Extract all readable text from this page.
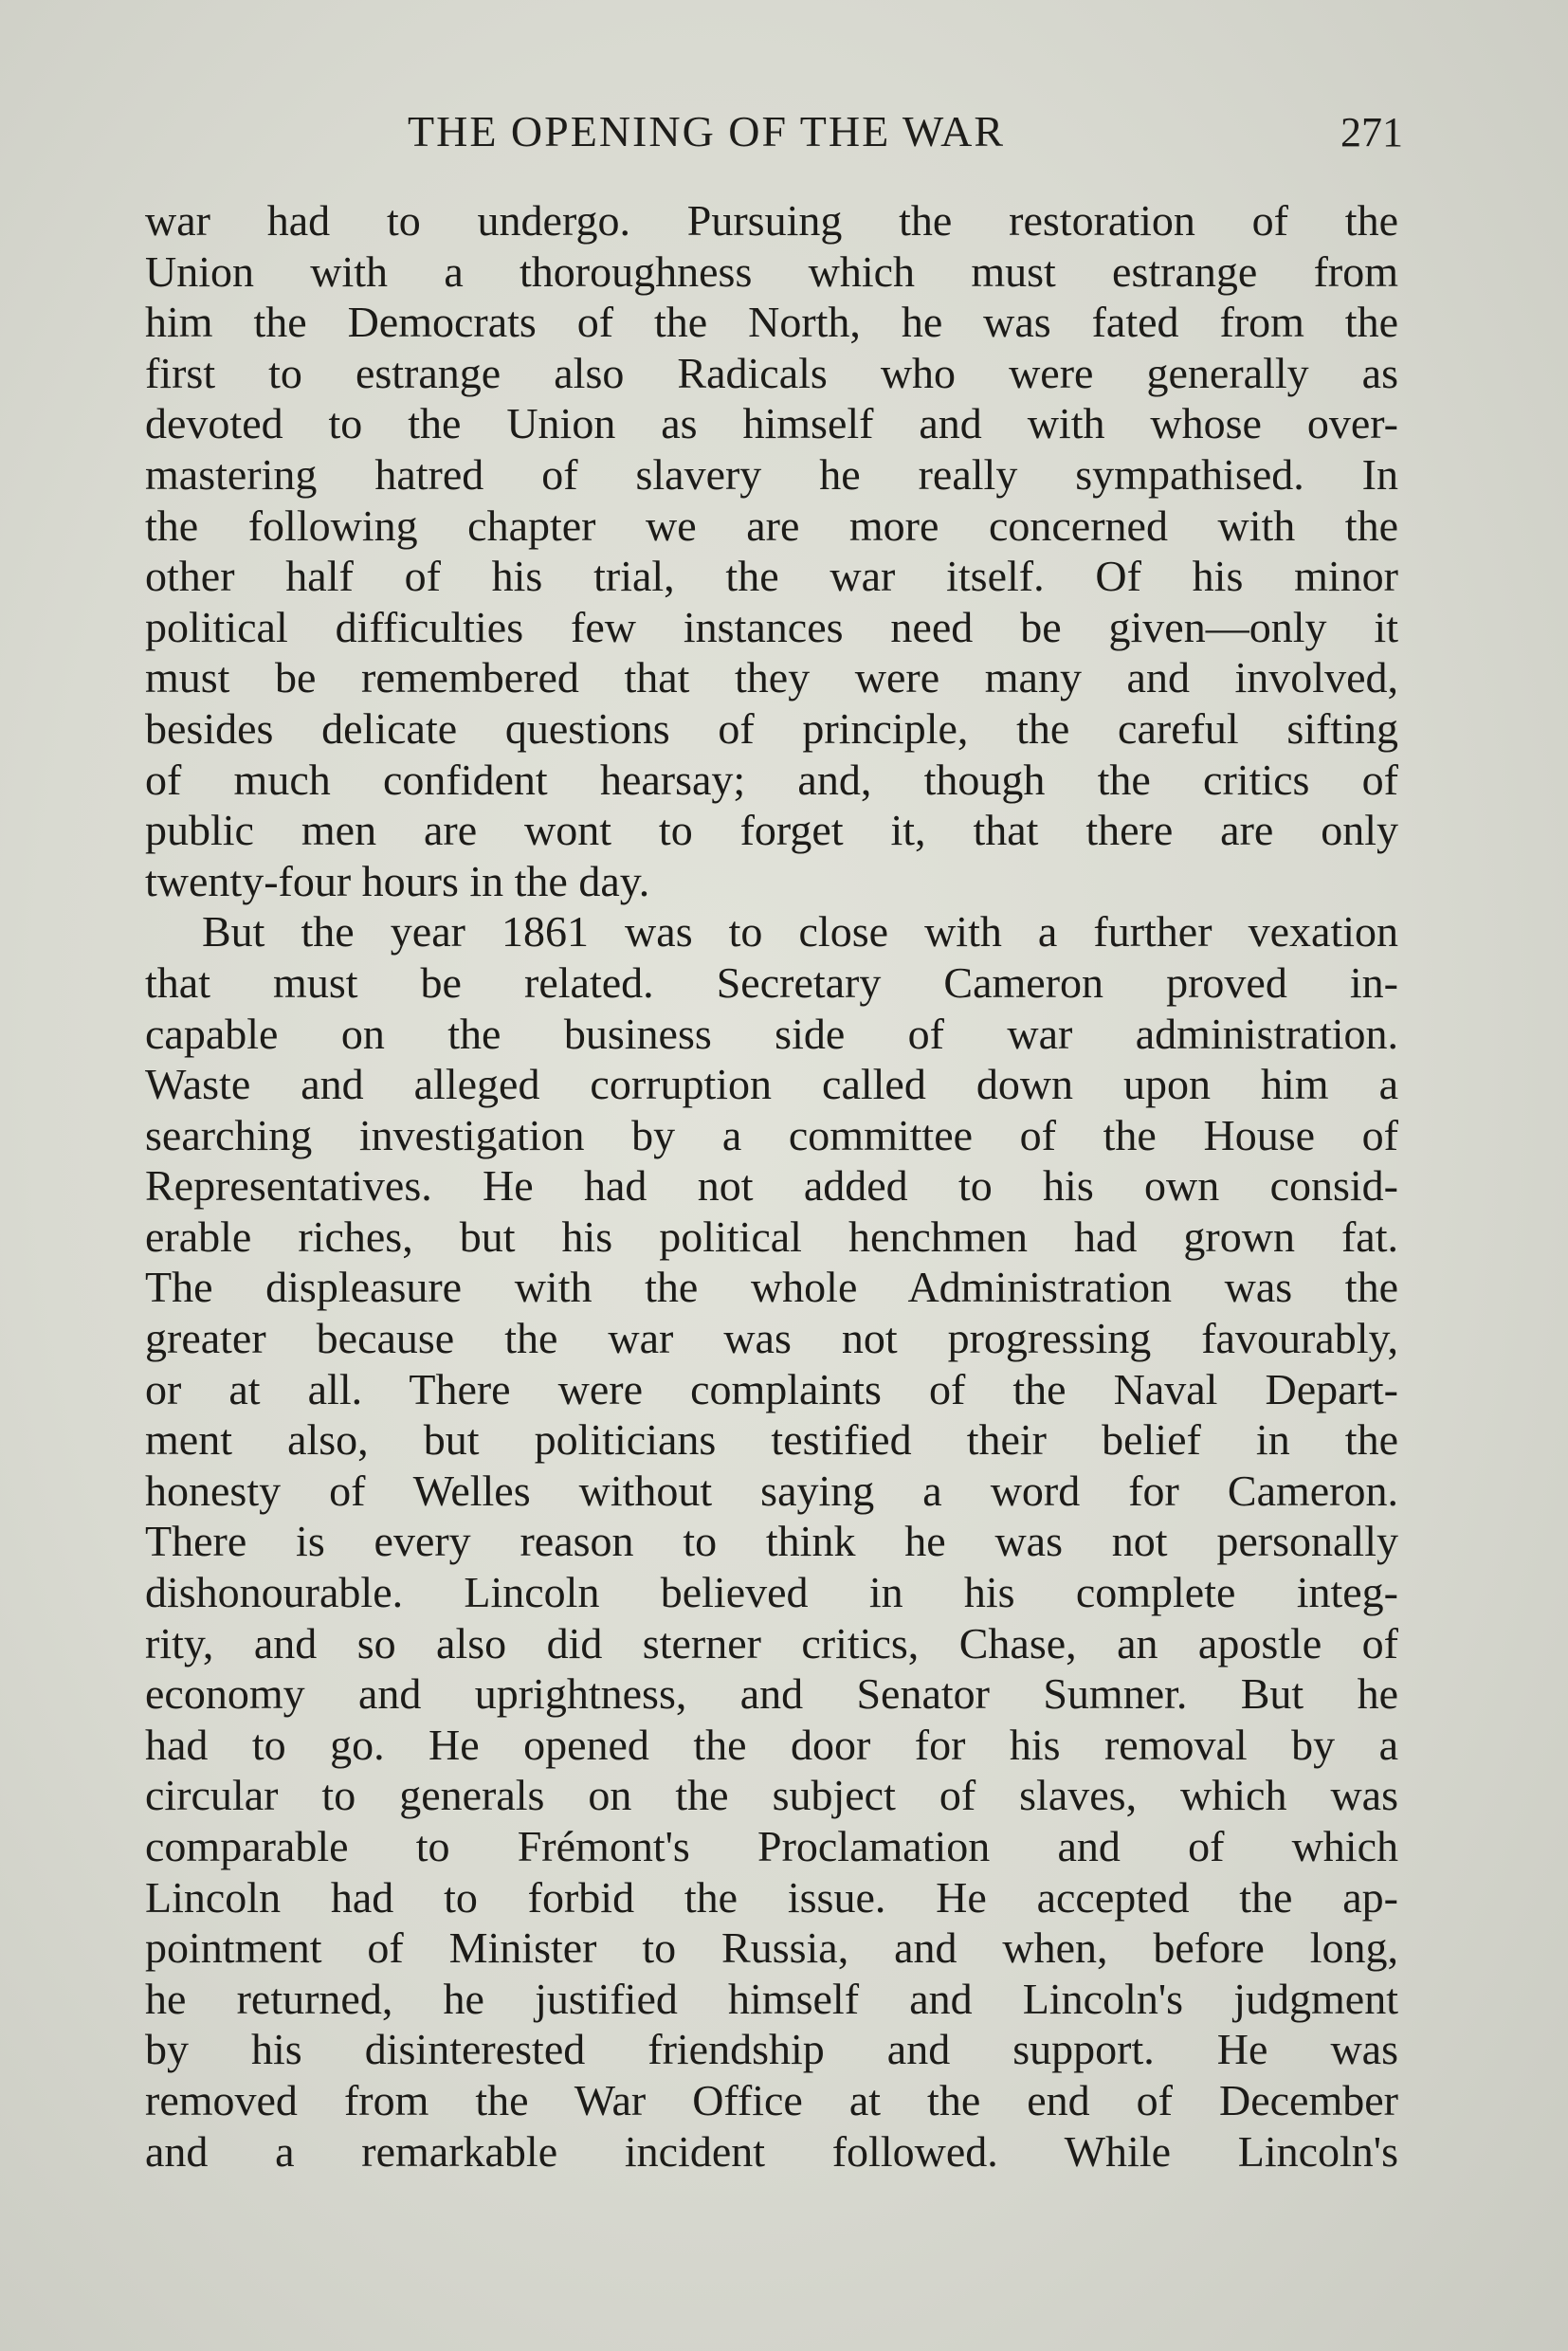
THE OPENING OF THE WAR	271
war had to undergo. Pursuing the restoration of the
Union with a thoroughness which must estrange from
him the Democrats of the North, he was fated from the
first to estrange also Radicals who were generally as
devoted to the Union as himself and with whose over-
mastering hatred of slavery he really sympathised. In
the following chapter we are more concerned with the
other half of his trial, the war itself. Of his minor
political difficulties few instances need be given—only it
must be remembered that they were many and involved,
besides delicate questions of principle, the careful sifting
of much confident hearsay; and, though the critics of
public men are wont to forget it, that there are only
twenty-four hours in the day.
But the year 1861 was to close with a further vexation
that must be related. Secretary Cameron proved in-
capable on the business side of war administration.
Waste and alleged corruption called down upon him a
searching investigation by a committee of the House of
Representatives. He had not added to his own consid-
erable riches, but his political henchmen had grown fat.
The displeasure with the whole Administration was the
greater because the war was not progressing favourably,
or at all. There were complaints of the Naval Depart-
ment also, but politicians testified their belief in the
honesty of Welles without saying a word for Cameron.
There is every reason to think he was not personally
dishonourable. Lincoln believed in his complete integ-
rity, and so also did sterner critics, Chase, an apostle of
economy and uprightness, and Senator Sumner. But he
had to go. He opened the door for his removal by a
circular to generals on the subject of slaves, which was
comparable to Frémont's Proclamation and of which
Lincoln had to forbid the issue. He accepted the ap-
pointment of Minister to Russia, and when, before long,
he returned, he justified himself and Lincoln's judgment
by his disinterested friendship and support. He was
removed from the War Office at the end of December
and a remarkable incident followed. While Lincoln's
